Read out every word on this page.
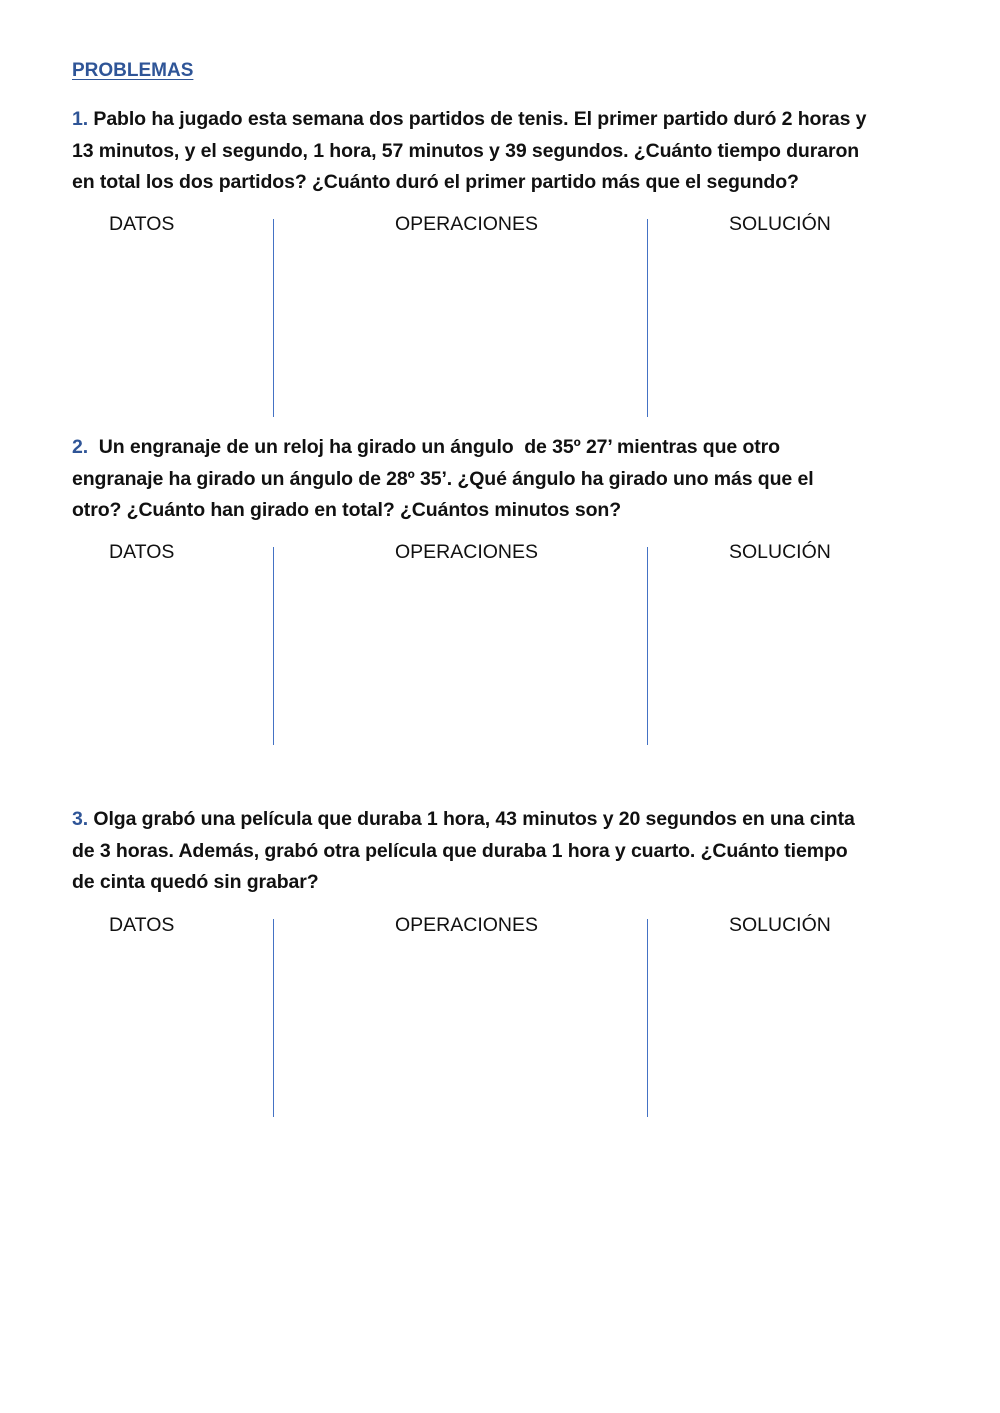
PROBLEMAS
1. Pablo ha jugado esta semana dos partidos de tenis. El primer partido duró 2 horas y
13 minutos, y el segundo, 1 hora, 57 minutos y 39 segundos. ¿Cuánto tiempo duraron
en total los dos partidos? ¿Cuánto duró el primer partido más que el segundo?
DATOS	OPERACIONES	SOLUCIÓN
2.  Un engranaje de un reloj ha girado un ángulo  de 35º 27’ mientras que otro
engranaje ha girado un ángulo de 28º 35’. ¿Qué ángulo ha girado uno más que el
otro? ¿Cuánto han girado en total? ¿Cuántos minutos son?
DATOS	OPERACIONES	SOLUCIÓN
3. Olga grabó una película que duraba 1 hora, 43 minutos y 20 segundos en una cinta
de 3 horas. Además, grabó otra película que duraba 1 hora y cuarto. ¿Cuánto tiempo
de cinta quedó sin grabar?
DATOS	OPERACIONES	SOLUCIÓN
